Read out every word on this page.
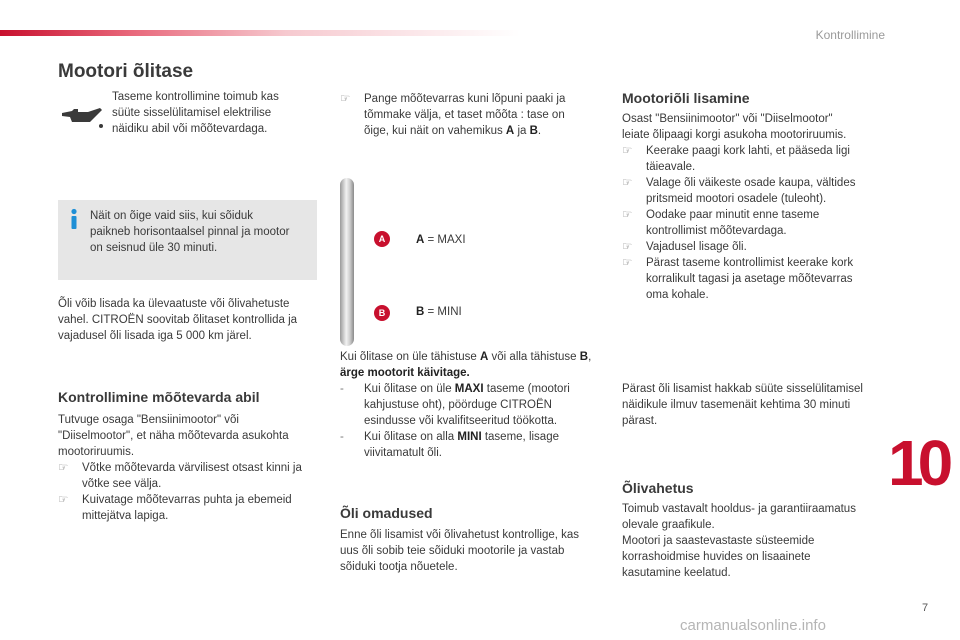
Kontrollimine
10
Mootori õlitase
Taseme kontrollimine toimub kas
süüte sisselülitamisel elektrilise
näidiku abil või mõõtevardaga.
Näit on õige vaid siis, kui sõiduk
paikneb horisontaalsel pinnal ja mootor
on seisnud üle 30 minuti.
Õli võib lisada ka ülevaatuste või õlivahetuste
vahel. CITROËN soovitab õlitaset kontrollida ja
vajadusel õli lisada iga 5 000 km järel.
Kontrollimine mõõtevarda abil
Tutvuge osaga "Bensiinimootor" või
"Diiselmootor", et näha mõõtevarda asukohta
mootoriruumis.
☞ Võtke mõõtevarda värvilisest otsast kinni ja
võtke see välja.
☞ Kuivatage mõõtevarras puhta ja ebemeid
mittejätva lapiga.
☞ Pange mõõtevarras kuni lõpuni paaki ja
tõmmake välja, et taset mõõta : tase on
õige, kui näit on vahemikus A ja B.
A
B
A = MAXI
B = MINI
Kui õlitase on üle tähistuse A või alla tähistuse B,
ärge mootorit käivitage.
- Kui õlitase on üle MAXI taseme (mootori
kahjustuse oht), pöörduge CITROËN
esindusse või kvalifitseeritud töökotta.
- Kui õlitase on alla MINI taseme, lisage
viivitamatult õli.
Õli omadused
Enne õli lisamist või õlivahetust kontrollige, kas
uus õli sobib teie sõiduki mootorile ja vastab
sõiduki tootja nõuetele.
Mootoriõli lisamine
Osast "Bensiinimootor" või "Diiselmootor"
leiate õlipaagi korgi asukoha mootoriruumis.
☞ Keerake paagi kork lahti, et pääseda ligi
täieavale.
☞ Valage õli väikeste osade kaupa, vältides
pritsmeid mootori osadele (tuleoht).
☞ Oodake paar minutit enne taseme
kontrollimist mõõtevardaga.
☞ Vajadusel lisage õli.
☞ Pärast taseme kontrollimist keerake kork
korralikult tagasi ja asetage mõõtevarras
oma kohale.
Pärast õli lisamist hakkab süüte sisselülitamisel
näidikule ilmuv tasemenäit kehtima 30 minuti
pärast.
Õlivahetus
Toimub vastavalt hooldus- ja garantiiraamatus
olevale graafikule.
Mootori ja saastevastaste süsteemide
korrashoidmise huvides on lisaainete
kasutamine keelatud.
carmanualsonline.info
7
